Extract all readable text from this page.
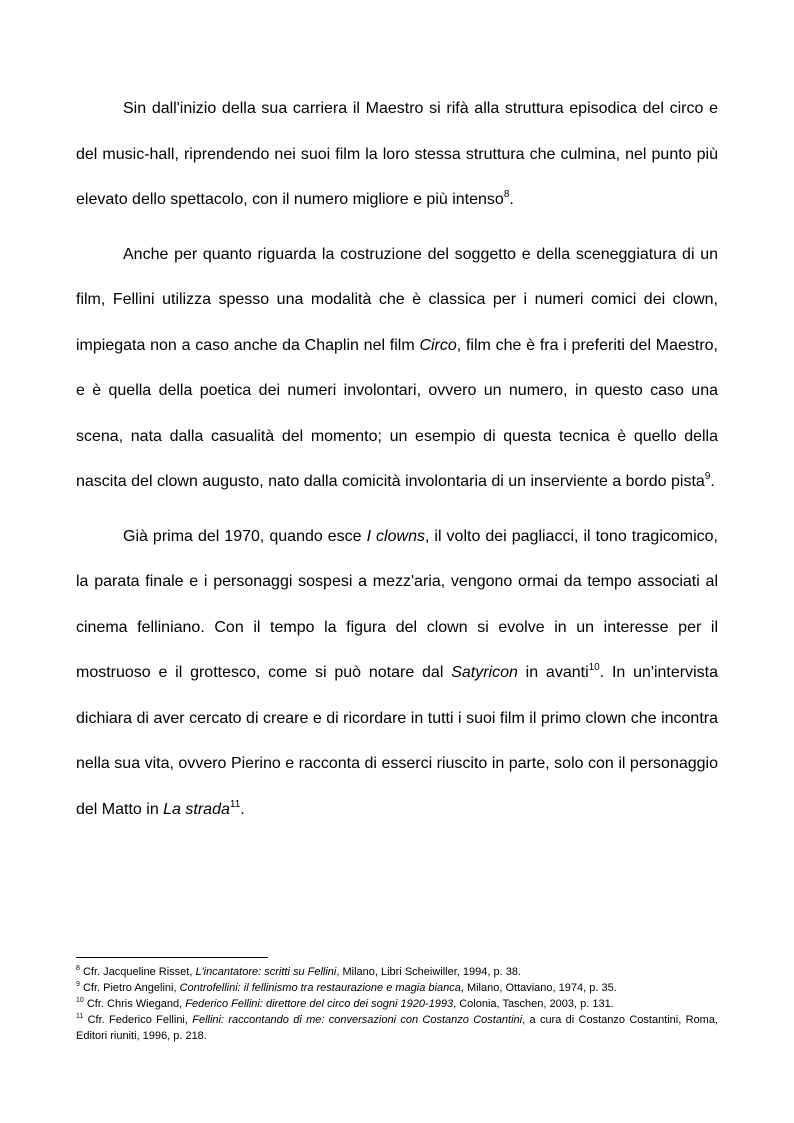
Sin dall'inizio della sua carriera il Maestro si rifà alla struttura episodica del circo e del music-hall, riprendendo nei suoi film la loro stessa struttura che culmina, nel punto più elevato dello spettacolo, con il numero migliore e più intenso$^8$.

Anche per quanto riguarda la costruzione del soggetto e della sceneggiatura di un film, Fellini utilizza spesso una modalità che è classica per i numeri comici dei clown, impiegata non a caso anche da Chaplin nel film Circo, film che è fra i preferiti del Maestro, e è quella della poetica dei numeri involontari, ovvero un numero, in questo caso una scena, nata dalla casualità del momento; un esempio di questa tecnica è quello della nascita del clown augusto, nato dalla comicità involontaria di un inserviente a bordo pista$^9$.

Già prima del 1970, quando esce I clowns, il volto dei pagliacci, il tono tragicomico, la parata finale e i personaggi sospesi a mezz'aria, vengono ormai da tempo associati al cinema felliniano. Con il tempo la figura del clown si evolve in un interesse per il mostruoso e il grottesco, come si può notare dal Satyricon in avanti$^{10}$. In un'intervista dichiara di aver cercato di creare e di ricordare in tutti i suoi film il primo clown che incontra nella sua vita, ovvero Pierino e racconta di esserci riuscito in parte, solo con il personaggio del Matto in La strada$^{11}$.

$^8$ Cfr. Jacqueline Risset, L'incantatore: scritti su Fellini, Milano, Libri Scheiwiller, 1994, p. 38.

$^9$ Cfr. Pietro Angelini, Controfellini: il fellinismo tra restaurazione e magia bianca, Milano, Ottaviano, 1974, p. 35.

$^{10}$ Cfr. Chris Wiegand, Federico Fellini: direttore del circo dei sogni 1920-1993, Colonia, Taschen, 2003, p. 131.

$^{11}$ Cfr. Federico Fellini, Fellini: raccontando di me: conversazioni con Costanzo Costantini, a cura di Costanzo Costantini, Roma, Editori riuniti, 1996, p. 218.
